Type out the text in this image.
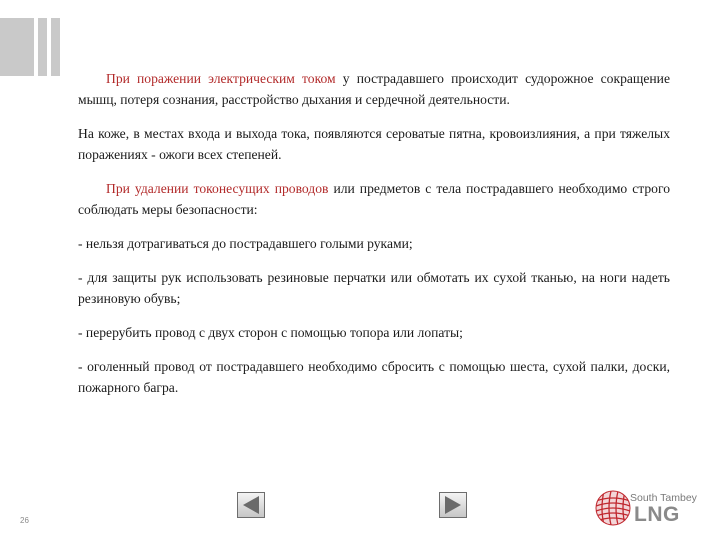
При поражении электрическим током у пострадавшего происходит судорожное сокращение мышц, потеря сознания, расстройство дыхания и сердечной деятельности.

На коже, в местах входа и выхода тока, появляются сероватые пятна, кровоизлияния, а при тяжелых поражениях - ожоги всех степеней.

При удалении токонесущих проводов или предметов с тела пострадавшего необходимо строго соблюдать меры безопасности:

- нельзя дотрагиваться до пострадавшего голыми руками;

- для защиты рук использовать резиновые перчатки или обмотать их сухой тканью, на ноги надеть резиновую обувь;

- перерубить провод с двух сторон с помощью топора или лопаты;

- оголенный провод от пострадавшего необходимо сбросить с помощью шеста, сухой палки, доски, пожарного багра.

26
South Tambey
LNG
